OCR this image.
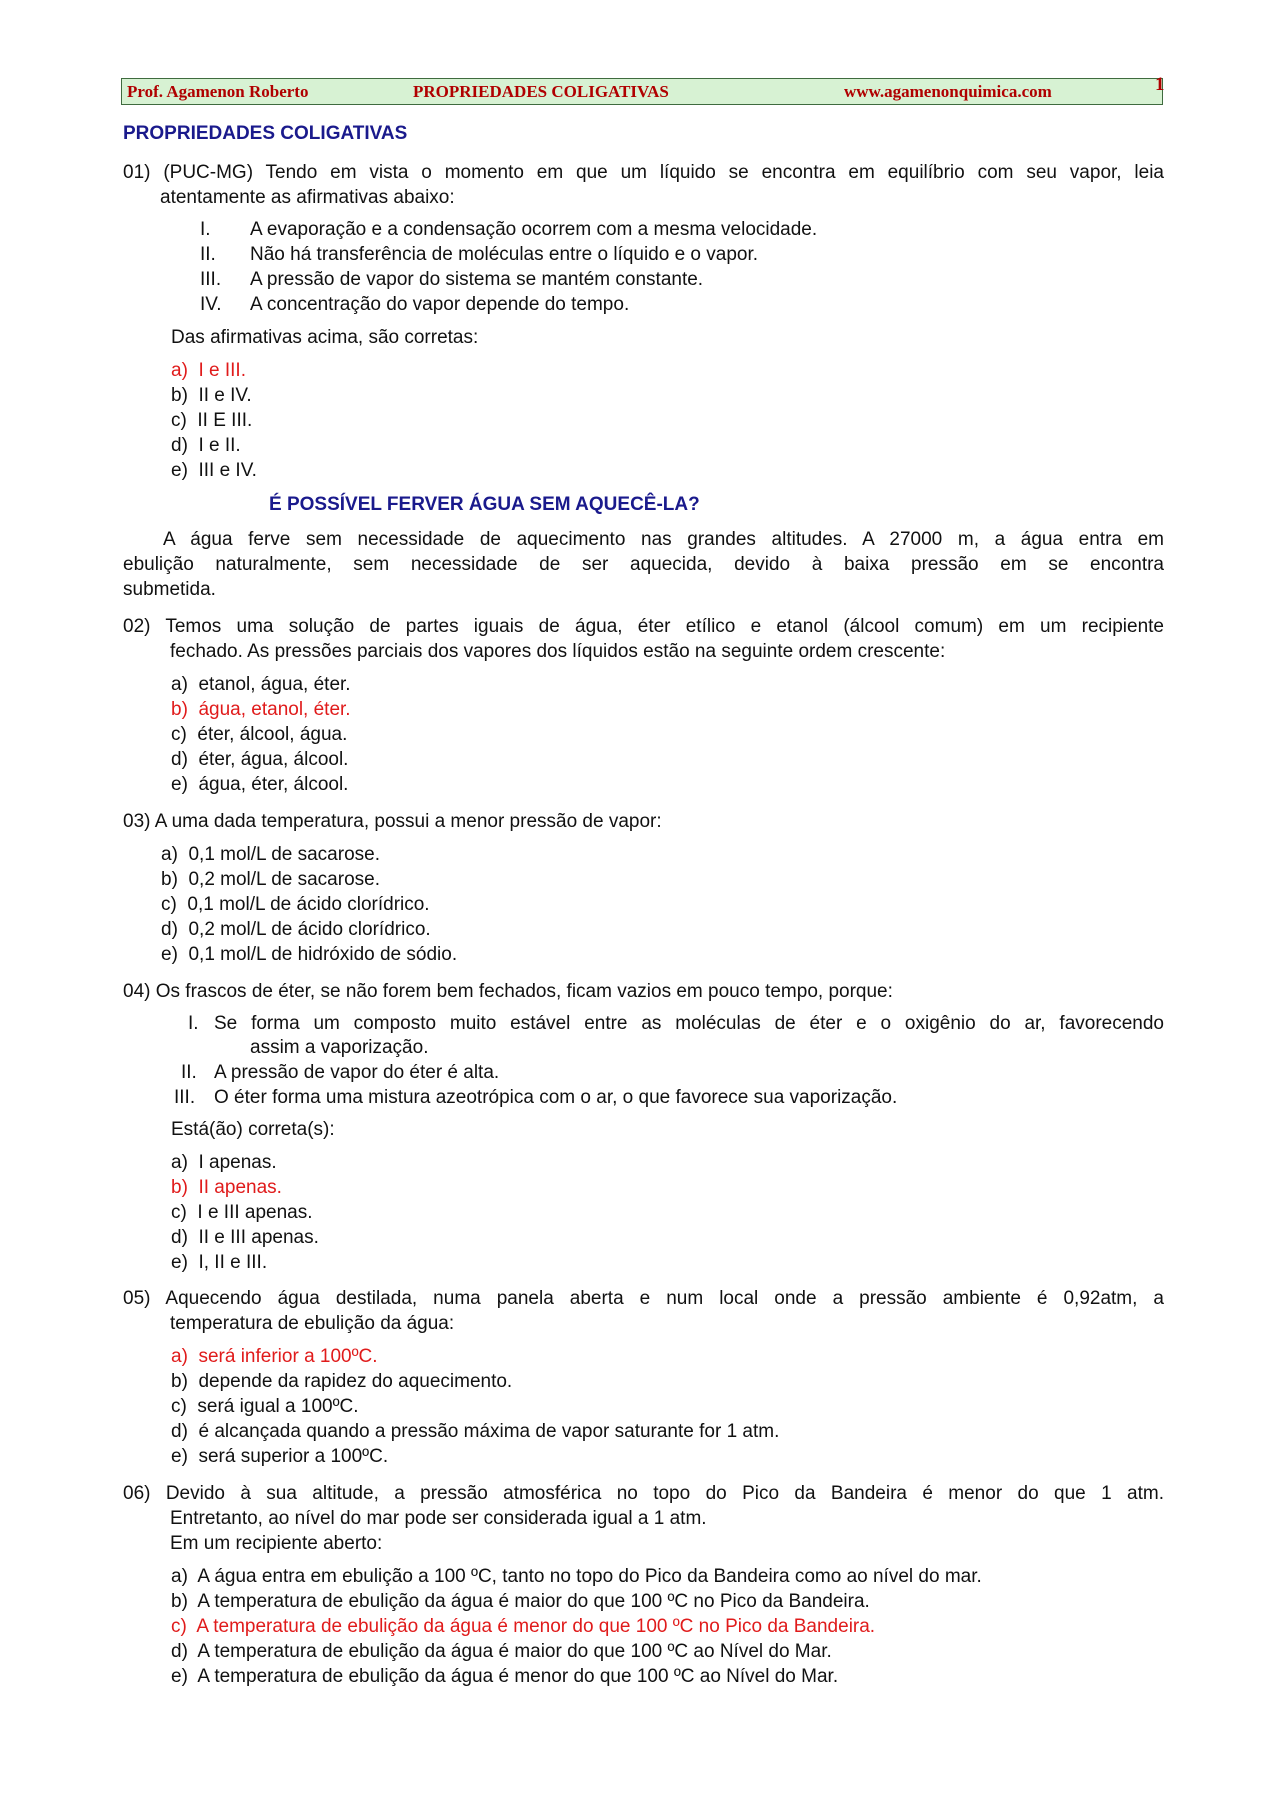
Prof. Agamenon Roberto	PROPRIEDADES COLIGATIVAS	www.agamenonquimica.com	1
PROPRIEDADES COLIGATIVAS
01) (PUC-MG) Tendo em vista o momento em que um líquido se encontra em equilíbrio com seu vapor, leia
atentamente as afirmativas abaixo:
I. A evaporação e a condensação ocorrem com a mesma velocidade.
II. Não há transferência de moléculas entre o líquido e o vapor.
III. A pressão de vapor do sistema se mantém constante.
IV. A concentração do vapor depende do tempo.
Das afirmativas acima, são corretas:
a) I e III.
b) II e IV.
c) II E III.
d) I e II.
e) III e IV.
É POSSÍVEL FERVER ÁGUA SEM AQUECÊ-LA?
A água ferve sem necessidade de aquecimento nas grandes altitudes. A 27000 m, a água entra em
ebulição naturalmente, sem necessidade de ser aquecida, devido à baixa pressão em se encontra
submetida.
02) Temos uma solução de partes iguais de água, éter etílico e etanol (álcool comum) em um recipiente
fechado. As pressões parciais dos vapores dos líquidos estão na seguinte ordem crescente:
a) etanol, água, éter.
b) água, etanol, éter.
c) éter, álcool, água.
d) éter, água, álcool.
e) água, éter, álcool.
03) A uma dada temperatura, possui a menor pressão de vapor:
a) 0,1 mol/L de sacarose.
b) 0,2 mol/L de sacarose.
c) 0,1 mol/L de ácido clorídrico.
d) 0,2 mol/L de ácido clorídrico.
e) 0,1 mol/L de hidróxido de sódio.
04) Os frascos de éter, se não forem bem fechados, ficam vazios em pouco tempo, porque:
I. Se forma um composto muito estável entre as moléculas de éter e o oxigênio do ar, favorecendo
assim a vaporização.
II. A pressão de vapor do éter é alta.
III. O éter forma uma mistura azeotrópica com o ar, o que favorece sua vaporização.
Está(ão) correta(s):
a) I apenas.
b) II apenas.
c) I e III apenas.
d) II e III apenas.
e) I, II e III.
05) Aquecendo água destilada, numa panela aberta e num local onde a pressão ambiente é 0,92atm, a
temperatura de ebulição da água:
a) será inferior a 100ºC.
b) depende da rapidez do aquecimento.
c) será igual a 100ºC.
d) é alcançada quando a pressão máxima de vapor saturante for 1 atm.
e) será superior a 100ºC.
06) Devido à sua altitude, a pressão atmosférica no topo do Pico da Bandeira é menor do que 1 atm.
Entretanto, ao nível do mar pode ser considerada igual a 1 atm.
Em um recipiente aberto:
a) A água entra em ebulição a 100 ºC, tanto no topo do Pico da Bandeira como ao nível do mar.
b) A temperatura de ebulição da água é maior do que 100 ºC no Pico da Bandeira.
c) A temperatura de ebulição da água é menor do que 100 ºC no Pico da Bandeira.
d) A temperatura de ebulição da água é maior do que 100 ºC ao Nível do Mar.
e) A temperatura de ebulição da água é menor do que 100 ºC ao Nível do Mar.
